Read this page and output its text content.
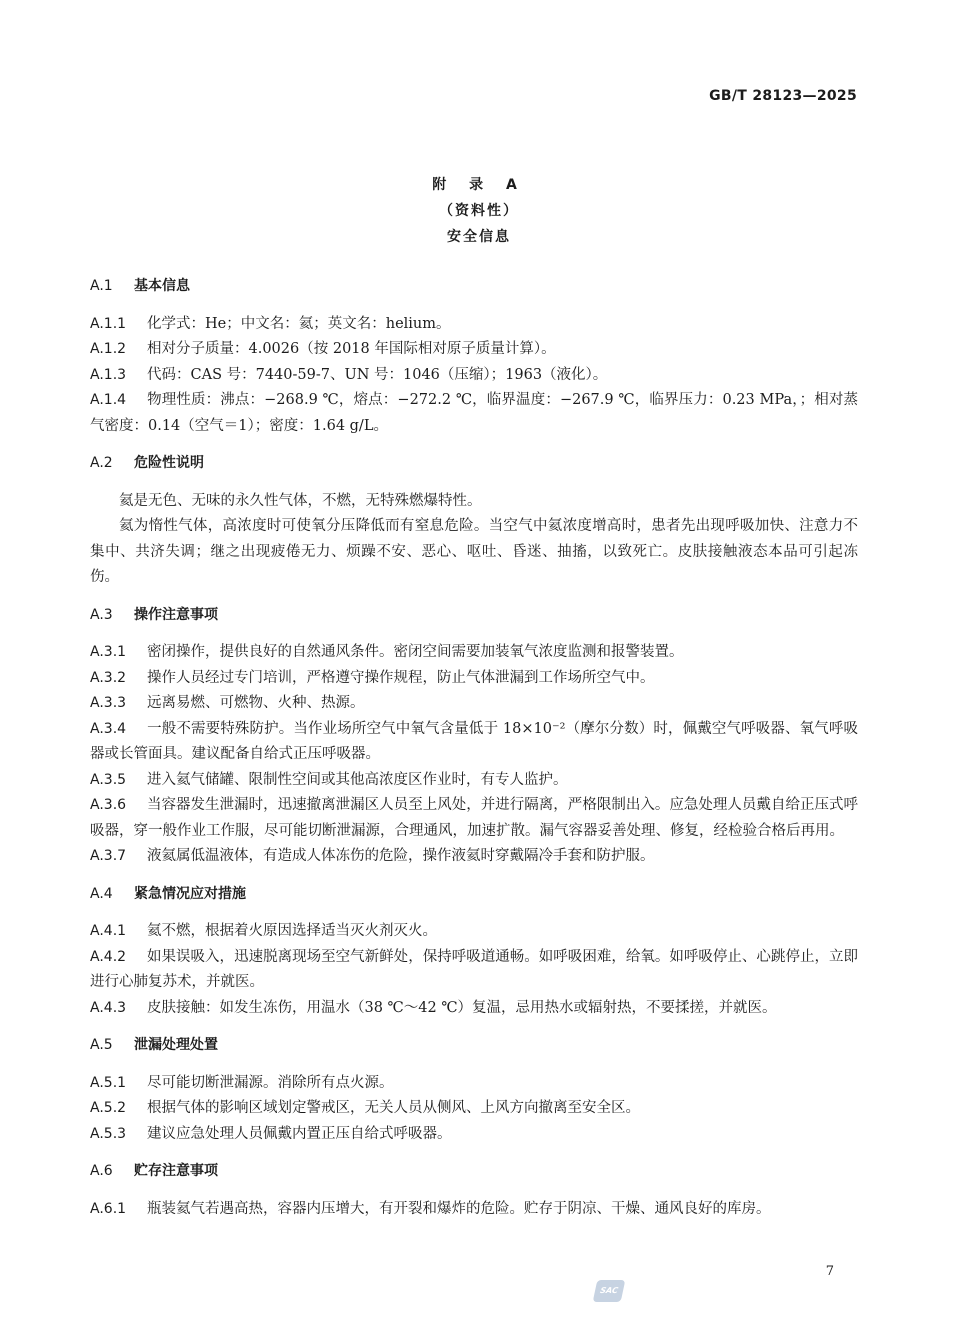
GB/T 28123—2025
附 录 A
（资料性）
安全信息
A.1 基本信息
A.1.1 化学式：He；中文名：氦；英文名：helium。
A.1.2 相对分子质量：4.0026（按 2018 年国际相对原子质量计算）。
A.1.3 代码：CAS 号：7440-59-7、UN 号：1046（压缩）；1963（液化）。
A.1.4 物理性质：沸点：−268.9 ℃，熔点：−272.2 ℃，临界温度：−267.9 ℃，临界压力：0.23 MPa，；相对蒸气密度：0.14（空气＝1）；密度：1.64 g/L。
A.2 危险性说明
氦是无色、无味的永久性气体，不燃，无特殊燃爆特性。
氦为惰性气体，高浓度时可使氧分压降低而有窒息危险。当空气中氦浓度增高时，患者先出现呼吸加快、注意力不集中、共济失调；继之出现疲倦无力、烦躁不安、恶心、呕吐、昏迷、抽搐，以致死亡。皮肤接触液态本品可引起冻伤。
A.3 操作注意事项
A.3.1 密闭操作，提供良好的自然通风条件。密闭空间需要加装氧气浓度监测和报警装置。
A.3.2 操作人员经过专门培训，严格遵守操作规程，防止气体泄漏到工作场所空气中。
A.3.3 远离易燃、可燃物、火种、热源。
A.3.4 一般不需要特殊防护。当作业场所空气中氧气含量低于 18×10⁻²（摩尔分数）时，佩戴空气呼吸器、氧气呼吸器或长管面具。建议配备自给式正压呼吸器。
A.3.5 进入氦气储罐、限制性空间或其他高浓度区作业时，有专人监护。
A.3.6 当容器发生泄漏时，迅速撤离泄漏区人员至上风处，并进行隔离，严格限制出入。应急处理人员戴自给正压式呼吸器，穿一般作业工作服，尽可能切断泄漏源，合理通风，加速扩散。漏气容器妥善处理、修复，经检验合格后再用。
A.3.7 液氦属低温液体，有造成人体冻伤的危险，操作液氦时穿戴隔冷手套和防护服。
A.4 紧急情况应对措施
A.4.1 氦不燃，根据着火原因选择适当灭火剂灭火。
A.4.2 如果误吸入，迅速脱离现场至空气新鲜处，保持呼吸道通畅。如呼吸困难，给氧。如呼吸停止、心跳停止，立即进行心肺复苏术，并就医。
A.4.3 皮肤接触：如发生冻伤，用温水（38 ℃～42 ℃）复温，忌用热水或辐射热，不要揉搓，并就医。
A.5 泄漏处理处置
A.5.1 尽可能切断泄漏源。消除所有点火源。
A.5.2 根据气体的影响区域划定警戒区，无关人员从侧风、上风方向撤离至安全区。
A.5.3 建议应急处理人员佩戴内置正压自给式呼吸器。
A.6 贮存注意事项
A.6.1 瓶装氦气若遇高热，容器内压增大，有开裂和爆炸的危险。贮存于阴凉、干燥、通风良好的库房。
7
SAC
